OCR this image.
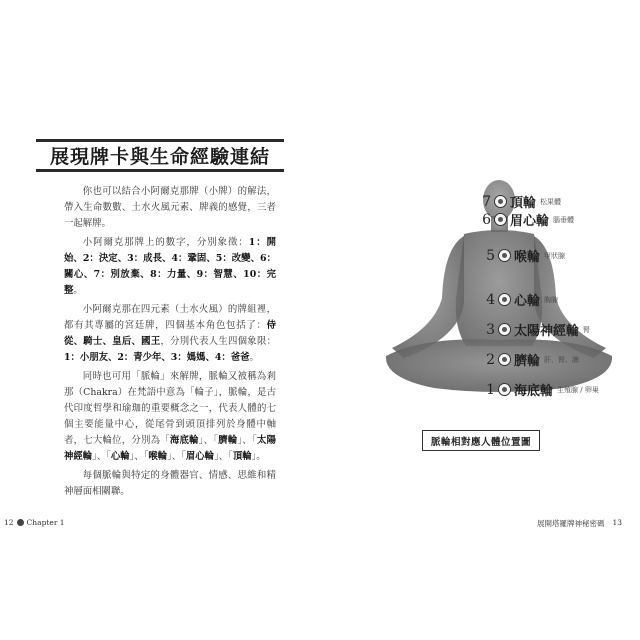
展現牌卡與生命經驗連結

你也可以結合小阿爾克那牌（小牌）的解法，帶入生命數數、土水火風元素、牌義的感覺，三者一起解牌。

小阿爾克那牌上的數字，分別象徵：1：開始、2：決定、3：成長、4：鞏固、5：改變、6：關心、7：別放棄、8：力量、9：智慧、10：完整。

小阿爾克那在四元素（土水火風）的牌組裡，都有其專屬的宮廷牌，四個基本角色包括了：侍從、騎士、皇后、國王，分別代表人生四個象限：1：小朋友、2：青少年、3：媽媽、4：爸爸。

同時也可用「脈輪」來解牌，脈輪又被稱為剎那（Chakra）在梵語中意為「輪子」，脈輪，是古代印度哲學和瑜珈的重要概念之一，代表人體的七個主要能量中心，從尾骨到頭頂排列於身體中軸者，七大輪位，分別為「海底輪」、「臍輪」、「太陽神經輪」、「心輪」、「喉輪」、「眉心輪」、「頂輪」。

每個脈輪與特定的身體器官、情感、思維和精神層面相關聯。

12 Chapter 1
7 頂輪 松果體
6 眉心輪 腦垂體
5 喉輪 甲狀腺
4 心輪 胸腺
3 太陽神經輪 腎
2 臍輪 肝、腎、脾
1 海底輪 生殖腺 / 卵巢
脈輪相對應人體位置圖
展開塔羅牌神秘密碼 13
